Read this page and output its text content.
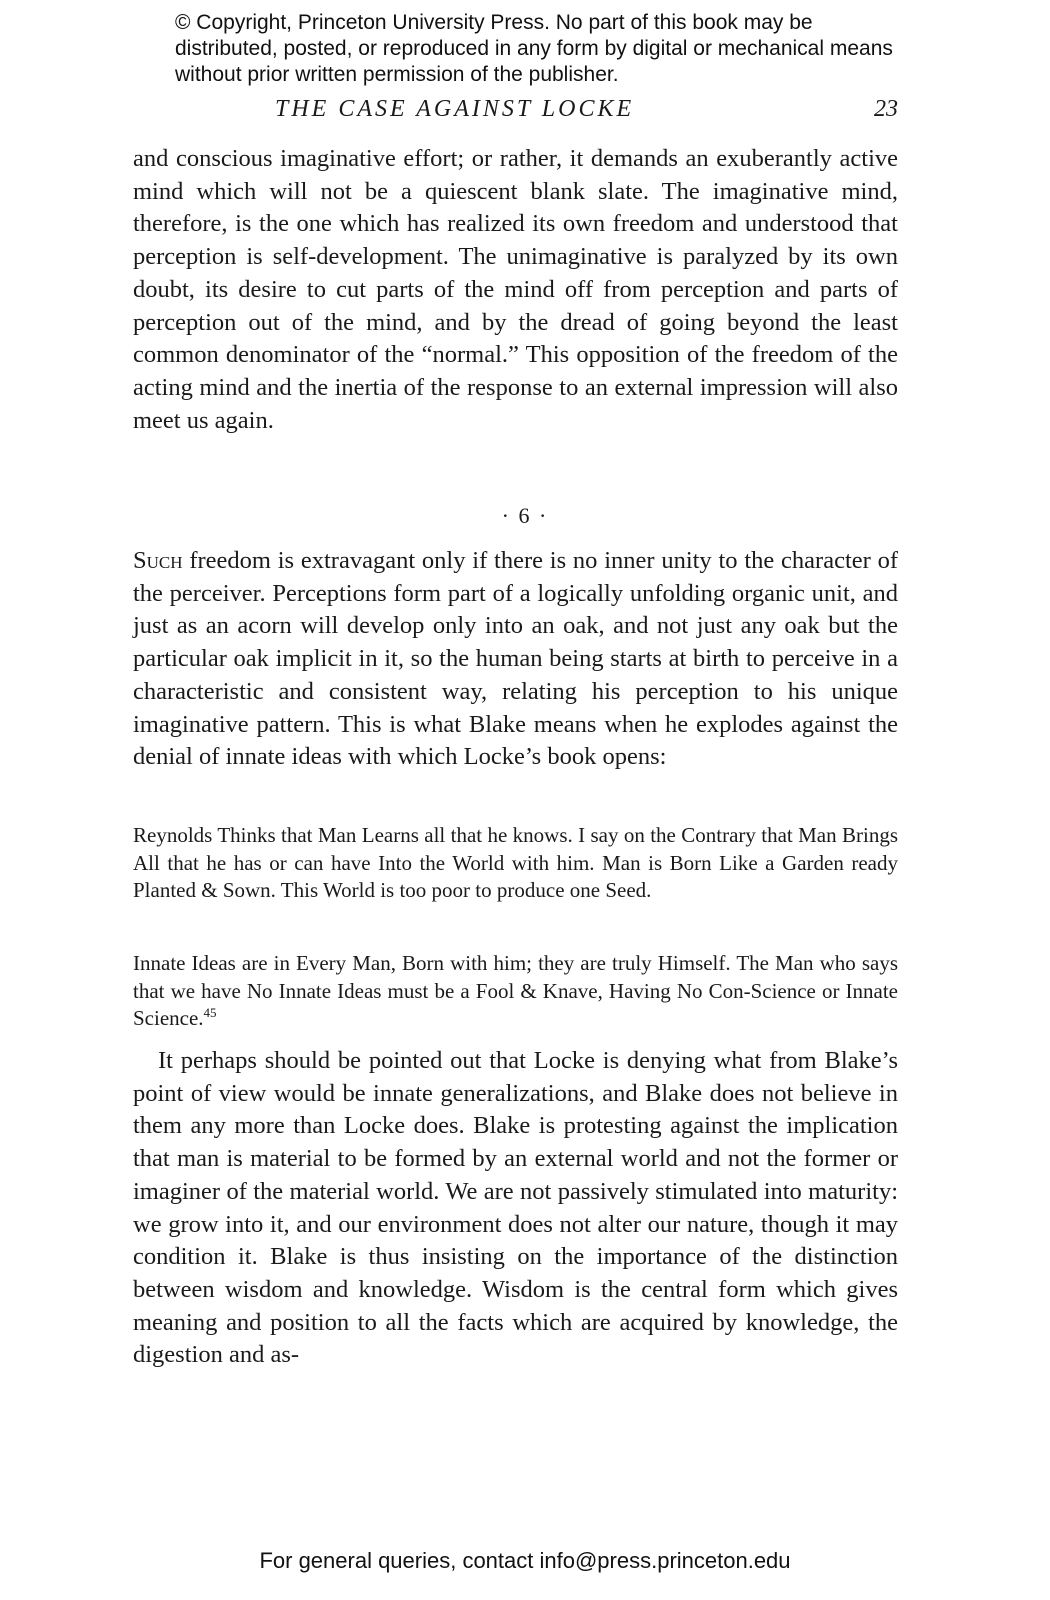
© Copyright, Princeton University Press. No part of this book may be distributed, posted, or reproduced in any form by digital or mechanical means without prior written permission of the publisher.
THE CASE AGAINST LOCKE	23

and conscious imaginative effort; or rather, it demands an exuberantly active mind which will not be a quiescent blank slate. The imaginative mind, therefore, is the one which has realized its own freedom and understood that perception is self-development. The unimaginative is paralyzed by its own doubt, its desire to cut parts of the mind off from perception and parts of perception out of the mind, and by the dread of going beyond the least common denominator of the “normal.” This opposition of the freedom of the acting mind and the inertia of the response to an external impression will also meet us again.

· 6 ·

Such freedom is extravagant only if there is no inner unity to the character of the perceiver. Perceptions form part of a logically unfolding organic unit, and just as an acorn will develop only into an oak, and not just any oak but the particular oak implicit in it, so the human being starts at birth to perceive in a characteristic and consistent way, relating his perception to his unique imaginative pattern. This is what Blake means when he explodes against the denial of innate ideas with which Locke’s book opens:

Reynolds Thinks that Man Learns all that he knows. I say on the Contrary that Man Brings All that he has or can have Into the World with him. Man is Born Like a Garden ready Planted & Sown. This World is too poor to produce one Seed.

Innate Ideas are in Every Man, Born with him; they are truly Himself. The Man who says that we have No Innate Ideas must be a Fool & Knave, Having No Con-Science or Innate Science.$^{45}$

It perhaps should be pointed out that Locke is denying what from Blake’s point of view would be innate generalizations, and Blake does not believe in them any more than Locke does. Blake is protesting against the implication that man is material to be formed by an external world and not the former or imaginer of the material world. We are not passively stimulated into maturity: we grow into it, and our environment does not alter our nature, though it may condition it. Blake is thus insisting on the importance of the distinction between wisdom and knowledge. Wisdom is the central form which gives meaning and position to all the facts which are acquired by knowledge, the digestion and as-

For general queries, contact info@press.princeton.edu
